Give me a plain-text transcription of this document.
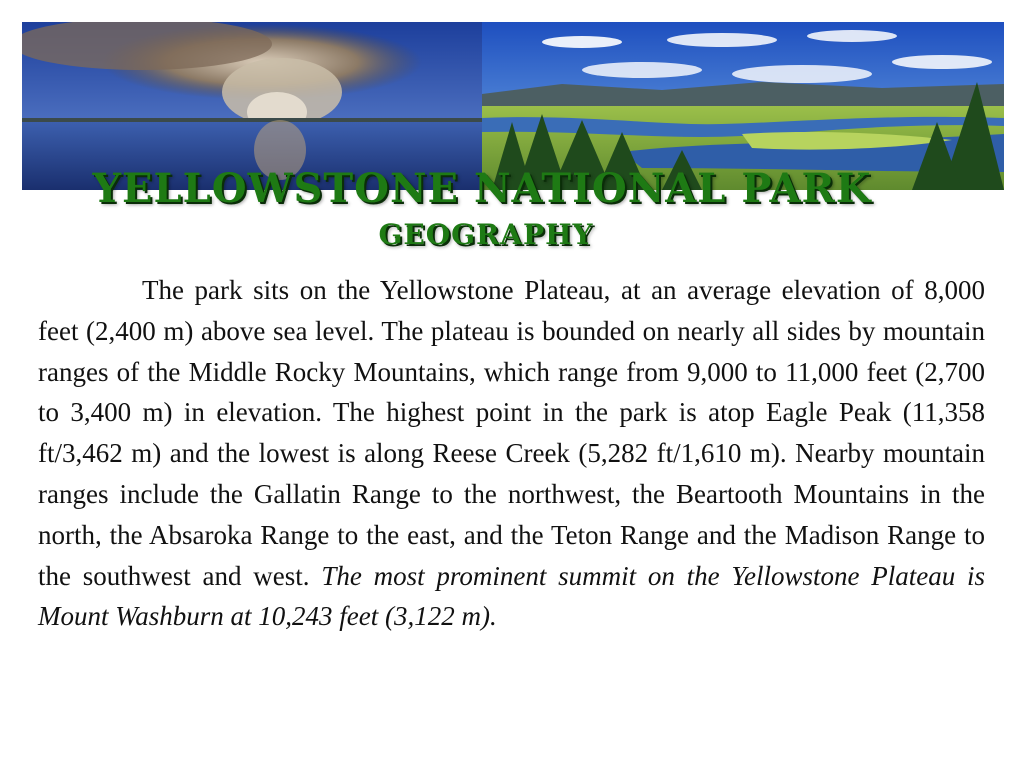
YELLOWSTONE NATIONAL PARK
GEOGRAPHY

The park sits on the Yellowstone Plateau, at an average elevation of 8,000 feet (2,400 m) above sea level. The plateau is bounded on nearly all sides by mountain ranges of the Middle Rocky Mountains, which range from 9,000 to 11,000 feet (2,700 to 3,400 m) in elevation. The highest point in the park is atop Eagle Peak (11,358 ft/3,462 m) and the lowest is along Reese Creek (5,282 ft/1,610 m). Nearby mountain ranges include the Gallatin Range to the northwest, the Beartooth Mountains in the north, the Absaroka Range to the east, and the Teton Range and the Madison Range to the southwest and west. The most prominent summit on the Yellowstone Plateau is Mount Washburn at 10,243 feet (3,122 m).
